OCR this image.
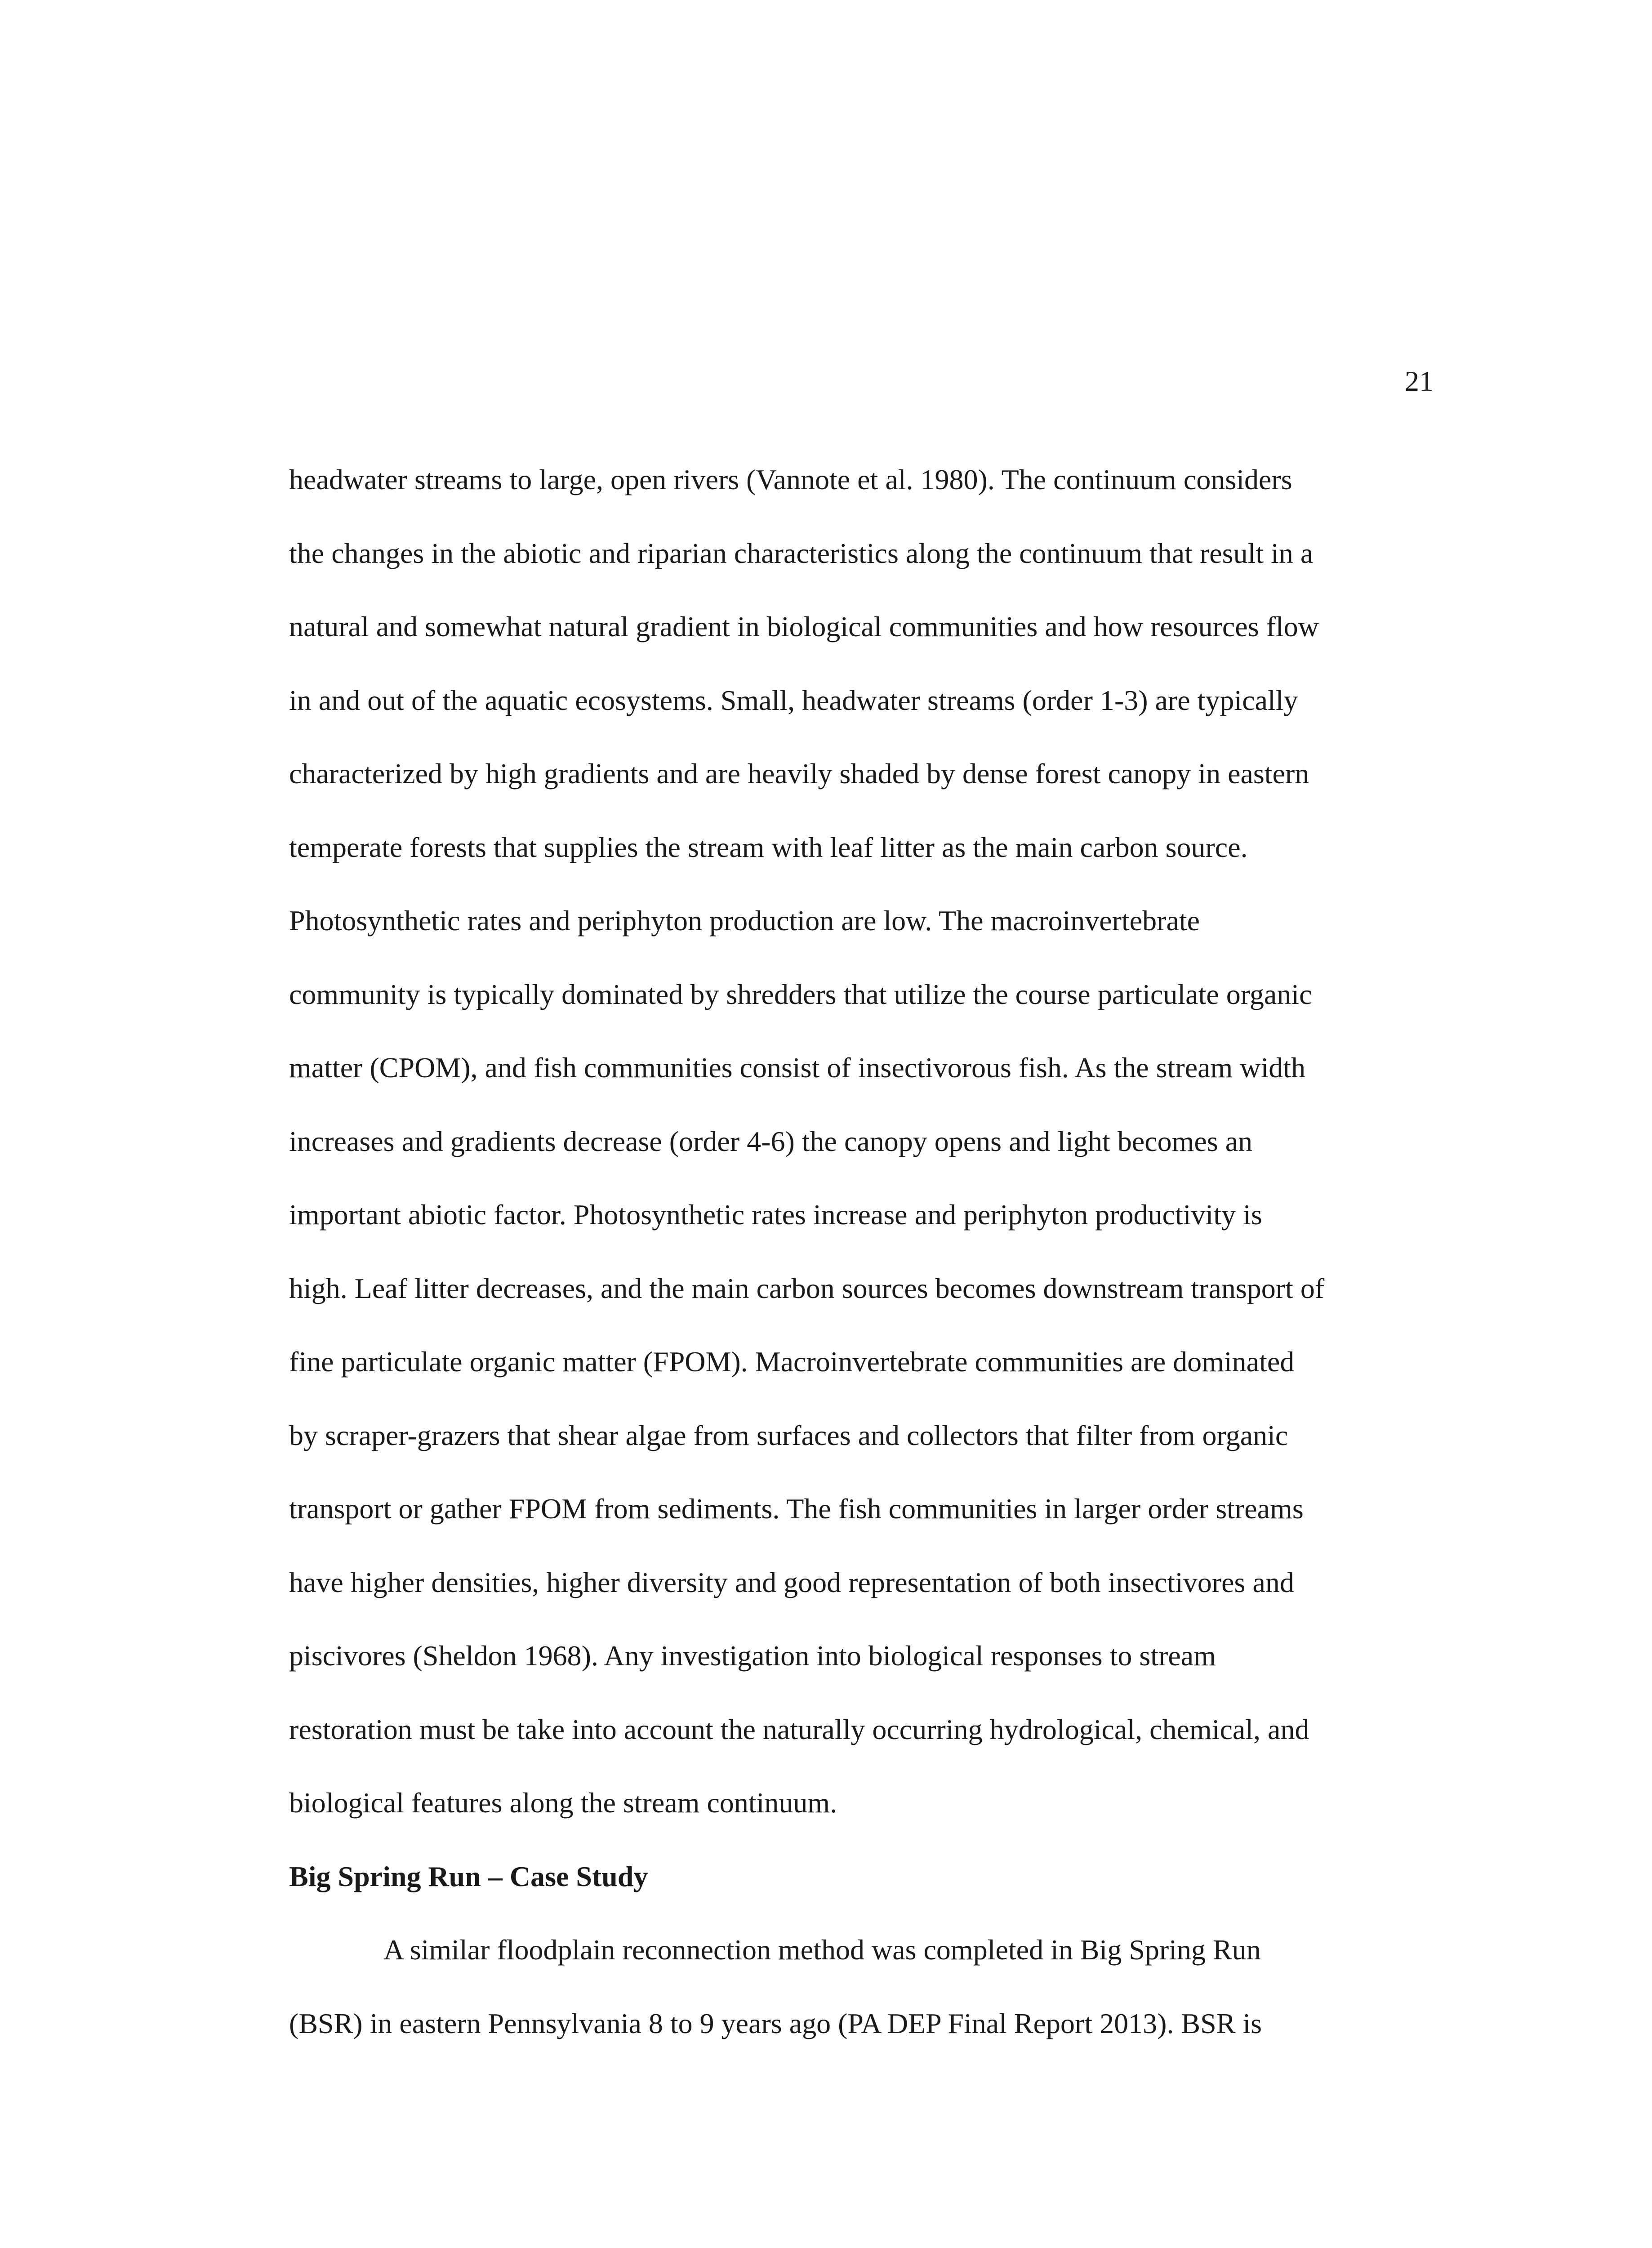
21
headwater streams to large, open rivers (Vannote et al. 1980). The continuum considers
the changes in the abiotic and riparian characteristics along the continuum that result in a
natural and somewhat natural gradient in biological communities and how resources flow
in and out of the aquatic ecosystems. Small, headwater streams (order 1-3) are typically
characterized by high gradients and are heavily shaded by dense forest canopy in eastern
temperate forests that supplies the stream with leaf litter as the main carbon source.
Photosynthetic rates and periphyton production are low. The macroinvertebrate
community is typically dominated by shredders that utilize the course particulate organic
matter (CPOM), and fish communities consist of insectivorous fish. As the stream width
increases and gradients decrease (order 4-6) the canopy opens and light becomes an
important abiotic factor. Photosynthetic rates increase and periphyton productivity is
high. Leaf litter decreases, and the main carbon sources becomes downstream transport of
fine particulate organic matter (FPOM). Macroinvertebrate communities are dominated
by scraper-grazers that shear algae from surfaces and collectors that filter from organic
transport or gather FPOM from sediments. The fish communities in larger order streams
have higher densities, higher diversity and good representation of both insectivores and
piscivores (Sheldon 1968). Any investigation into biological responses to stream
restoration must be take into account the naturally occurring hydrological, chemical, and
biological features along the stream continuum.
Big Spring Run – Case Study
A similar floodplain reconnection method was completed in Big Spring Run
(BSR) in eastern Pennsylvania 8 to 9 years ago (PA DEP Final Report 2013). BSR is
